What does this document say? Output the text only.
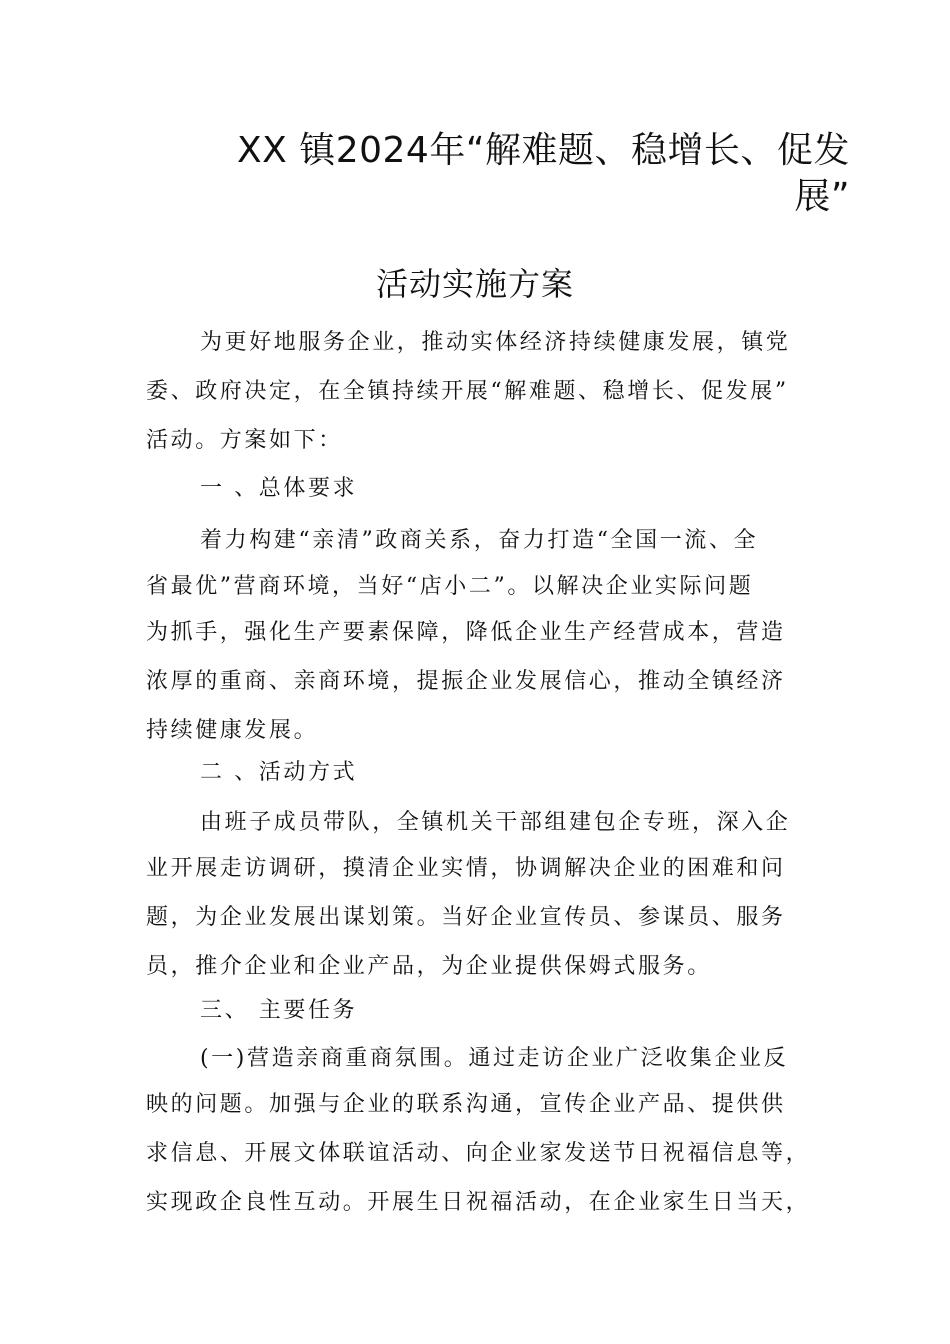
XX 镇2024年“解难题、稳增长、促发
展”
活动实施方案
为更好地服务企业，推动实体经济持续健康发展，镇党
委、政府决定，在全镇持续开展“解难题、稳增长、促发展”
活动。方案如下：
一 、总体要求
着力构建“亲清”政商关系，奋力打造“全国一流、全
省最优”营商环境，当好“店小二”。以解决企业实际问题
为抓手，强化生产要素保障，降低企业生产经营成本，营造
浓厚的重商、亲商环境，提振企业发展信心，推动全镇经济
持续健康发展。
二 、活动方式
由班子成员带队，全镇机关干部组建包企专班，深入企
业开展走访调研，摸清企业实情，协调解决企业的困难和问
题，为企业发展出谋划策。当好企业宣传员、参谋员、服务
员，推介企业和企业产品，为企业提供保姆式服务。
三、 主要任务
(一)营造亲商重商氛围。通过走访企业广泛收集企业反
映的问题。加强与企业的联系沟通，宣传企业产品、提供供
求信息、开展文体联谊活动、向企业家发送节日祝福信息等，
实现政企良性互动。开展生日祝福活动，在企业家生日当天，
